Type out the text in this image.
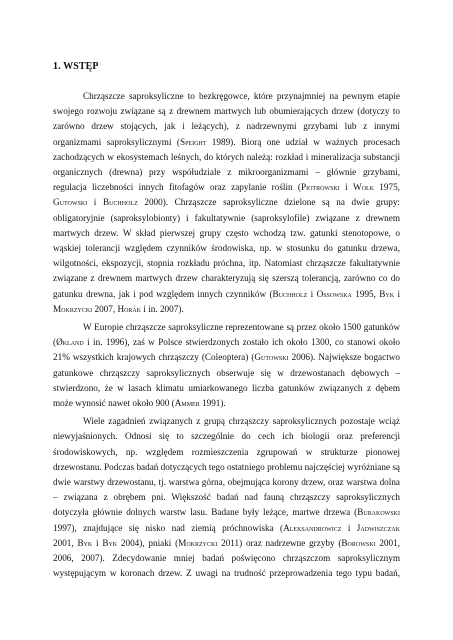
1. WSTĘP
Chrząszcze saproksyliczne to bezkręgowce, które przynajmniej na pewnym etapie
swojego rozwoju związane są z drewnem martwych lub obumierających drzew (dotyczy to
zarówno drzew stojących, jak i leżących), z nadrzewnymi grzybami lub z innymi
organizmami saproksylicznymi (Speight 1989). Biorą one udział w ważnych procesach
zachodzących w ekosystemach leśnych, do których należą: rozkład i mineralizacja substancji
organicznych (drewna) przy współudziale z mikroorganizmami – głównie grzybami,
regulacja liczebności innych fitofagów oraz zapylanie roślin (Piotrowski i Wołk 1975,
Gutowski i Buchholz 2000). Chrząszcze saproksyliczne dzielone są na dwie grupy:
obligatoryjnie (saproksylobionty) i fakultatywnie (saproksylofile) związane z drewnem
martwych drzew. W skład pierwszej grupy często wchodzą tzw. gatunki stenotopowe, o
wąskiej tolerancji względem czynników środowiska, np. w stosunku do gatunku drzewa,
wilgotności, ekspozycji, stopnia rozkładu próchna, itp. Natomiast chrząszcze fakultatywnie
związane z drewnem martwych drzew charakteryzują się szerszą tolerancją, zarówno co do
gatunku drewna, jak i pod względem innych czynników (Buchholz i Ossowska 1995, Byk i
Mokrzycki 2007, Horák i in. 2007).
W Europie chrząszcze saproksyliczne reprezentowane są przez około 1500 gatunków
(Økland i in. 1996), zaś w Polsce stwierdzonych zostało ich około 1300, co stanowi około
21% wszystkich krajowych chrząszczy (Coleoptera) (Gutowski 2006). Największe bogactwo
gatunkowe chrząszczy saproksylicznych obserwuje się w drzewostanach dębowych –
stwierdzono, że w lasach klimatu umiarkowanego liczba gatunków związanych z dębem
może wynosić nawet około 900 (Ammer 1991).
Wiele zagadnień związanych z grupą chrząszczy saproksylicznych pozostaje wciąż
niewyjaśnionych. Odnosi się to szczególnie do cech ich biologii oraz preferencji
środowiskowych, np. względem rozmieszczenia zgrupowań w strukturze pionowej
drzewostanu. Podczas badań dotyczących tego ostatniego problemu najczęściej wyróżniane są
dwie warstwy drzewostanu, tj. warstwa górna, obejmująca korony drzew, oraz warstwa dolna
– związana z obrębem pni. Większość badań nad fauną chrząszczy saproksylicznych
dotyczyła głównie dolnych warstw lasu. Badane były leżące, martwe drzewa (Burakowski
1997), znajdujące się nisko nad ziemią próchnowiska (Aleksandrowicz i Jadwiszczak
2001, Byk i Byk 2004), pniaki (Mokrzycki 2011) oraz nadrzewne grzyby (Borowski 2001,
2006, 2007). Zdecydowanie mniej badań poświęcono chrząszczom saproksylicznym
występującym w koronach drzew. Z uwagi na trudność przeprowadzenia tego typu badań,
